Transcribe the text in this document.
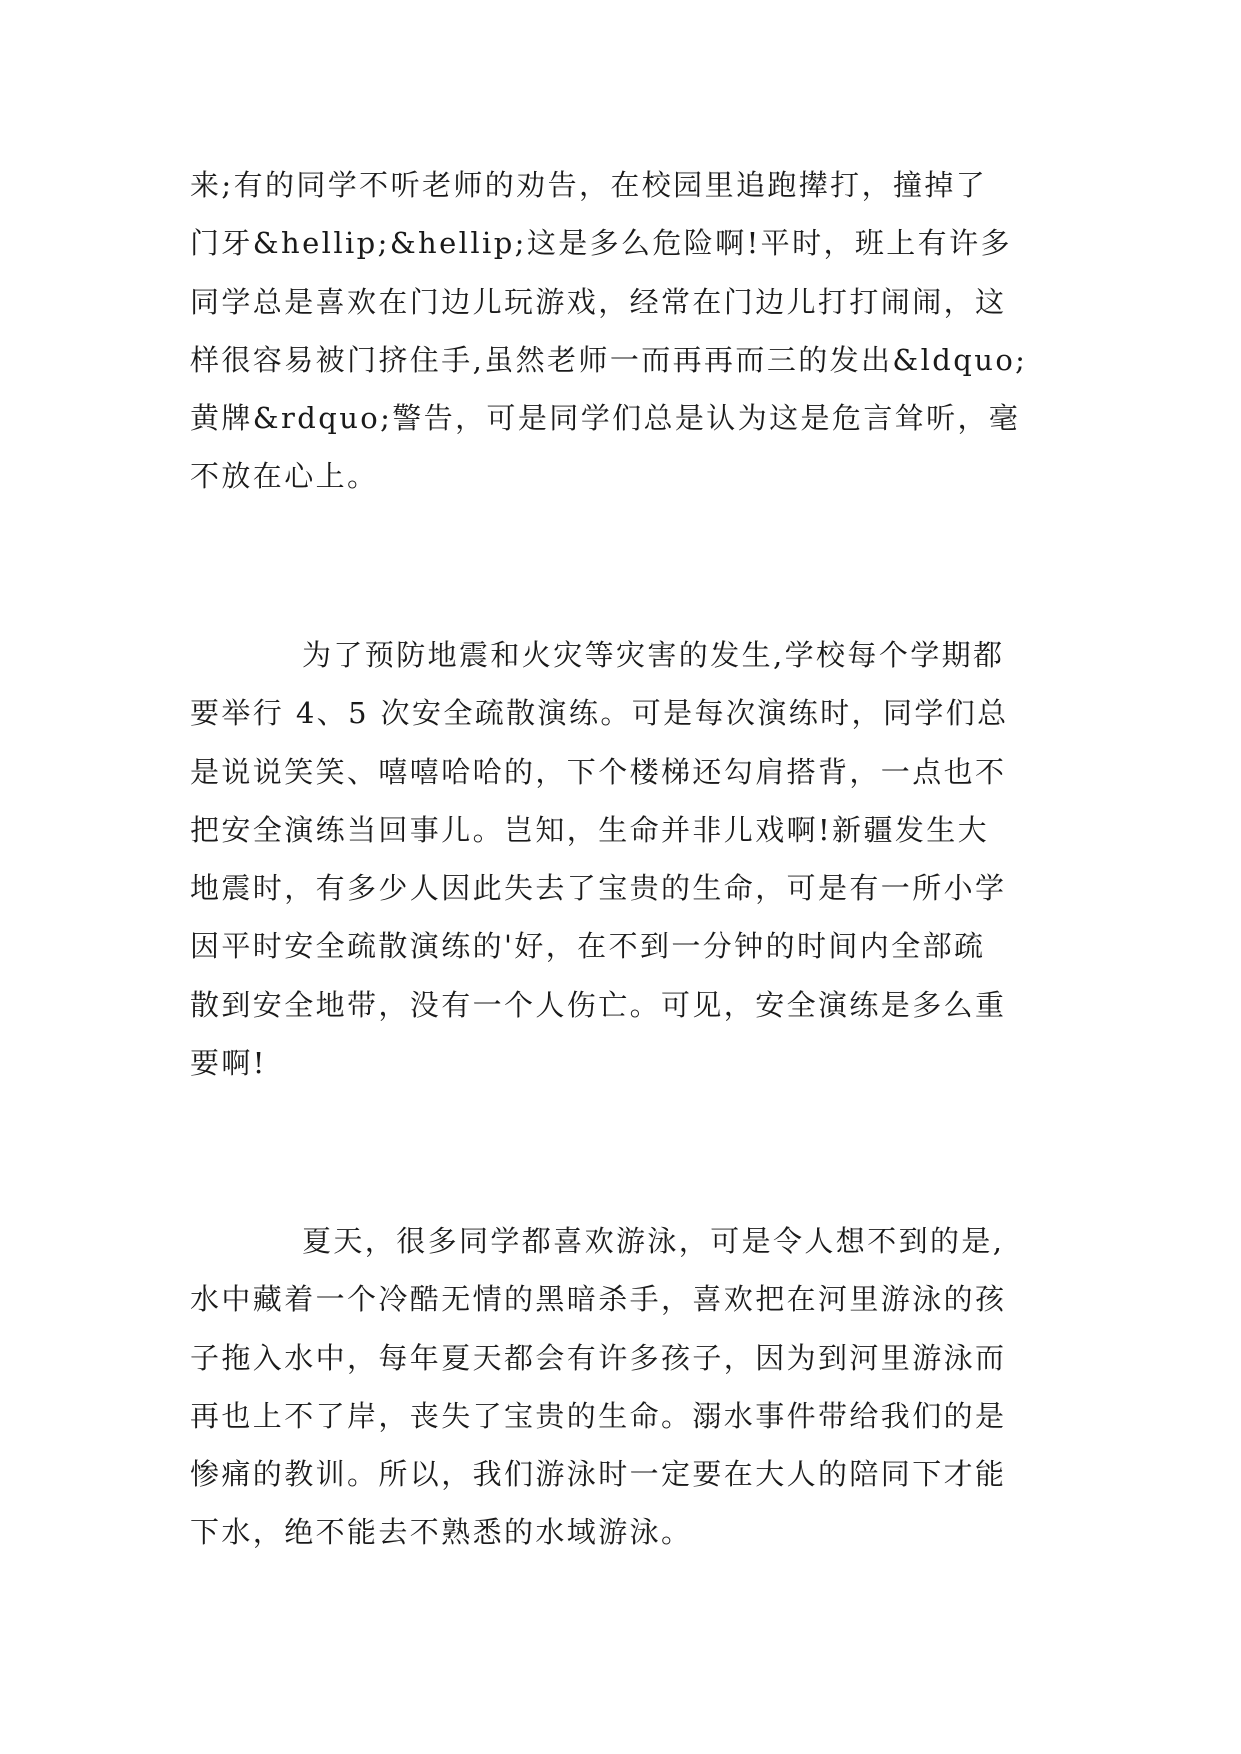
来;有的同学不听老师的劝告，在校园里追跑撵打，撞掉了
门牙&hellip;&hellip;这是多么危险啊!平时，班上有许多
同学总是喜欢在门边儿玩游戏，经常在门边儿打打闹闹，这
样很容易被门挤住手,虽然老师一而再再而三的发出&ldquo;
黄牌&rdquo;警告，可是同学们总是认为这是危言耸听，毫
不放在心上。
为了预防地震和火灾等灾害的发生,学校每个学期都
要举行 4、5 次安全疏散演练。可是每次演练时，同学们总
是说说笑笑、嘻嘻哈哈的，下个楼梯还勾肩搭背，一点也不
把安全演练当回事儿。岂知，生命并非儿戏啊!新疆发生大
地震时，有多少人因此失去了宝贵的生命，可是有一所小学
因平时安全疏散演练的'好，在不到一分钟的时间内全部疏
散到安全地带，没有一个人伤亡。可见，安全演练是多么重
要啊!
夏天，很多同学都喜欢游泳，可是令人想不到的是,
水中藏着一个冷酷无情的黑暗杀手，喜欢把在河里游泳的孩
子拖入水中，每年夏天都会有许多孩子，因为到河里游泳而
再也上不了岸，丧失了宝贵的生命。溺水事件带给我们的是
惨痛的教训。所以，我们游泳时一定要在大人的陪同下才能
下水，绝不能去不熟悉的水域游泳。
